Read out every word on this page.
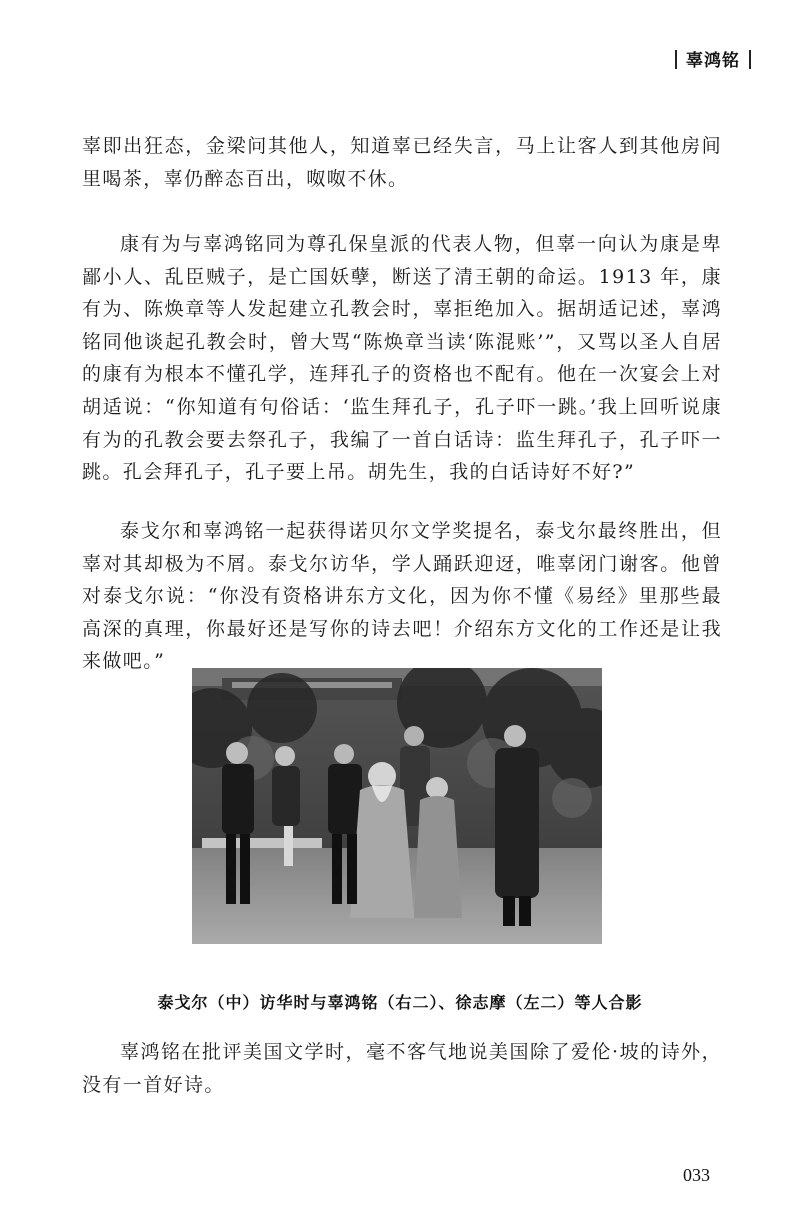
辜鸿铭

辜即出狂态，金梁问其他人，知道辜已经失言，马上让客人到其他房间里喝茶，辜仍醉态百出，呶呶不休。

康有为与辜鸿铭同为尊孔保皇派的代表人物，但辜一向认为康是卑鄙小人、乱臣贼子，是亡国妖孽，断送了清王朝的命运。1913 年，康有为、陈焕章等人发起建立孔教会时，辜拒绝加入。据胡适记述，辜鸿铭同他谈起孔教会时，曾大骂“陈焕章当读‘陈混账’”，又骂以圣人自居的康有为根本不懂孔学，连拜孔子的资格也不配有。他在一次宴会上对胡适说：“你知道有句俗话：‘监生拜孔子，孔子吓一跳。’我上回听说康有为的孔教会要去祭孔子，我编了一首白话诗：监生拜孔子，孔子吓一跳。孔会拜孔子，孔子要上吊。胡先生，我的白话诗好不好?”

泰戈尔和辜鸿铭一起获得诺贝尔文学奖提名，泰戈尔最终胜出，但辜对其却极为不屑。泰戈尔访华，学人踊跃迎迓，唯辜闭门谢客。他曾对泰戈尔说：“你没有资格讲东方文化，因为你不懂《易经》里那些最高深的真理，你最好还是写你的诗去吧！介绍东方文化的工作还是让我来做吧。”

泰戈尔（中）访华时与辜鸿铭（右二）、徐志摩（左二）等人合影

辜鸿铭在批评美国文学时，毫不客气地说美国除了爱伦·坡的诗外，没有一首好诗。

033
